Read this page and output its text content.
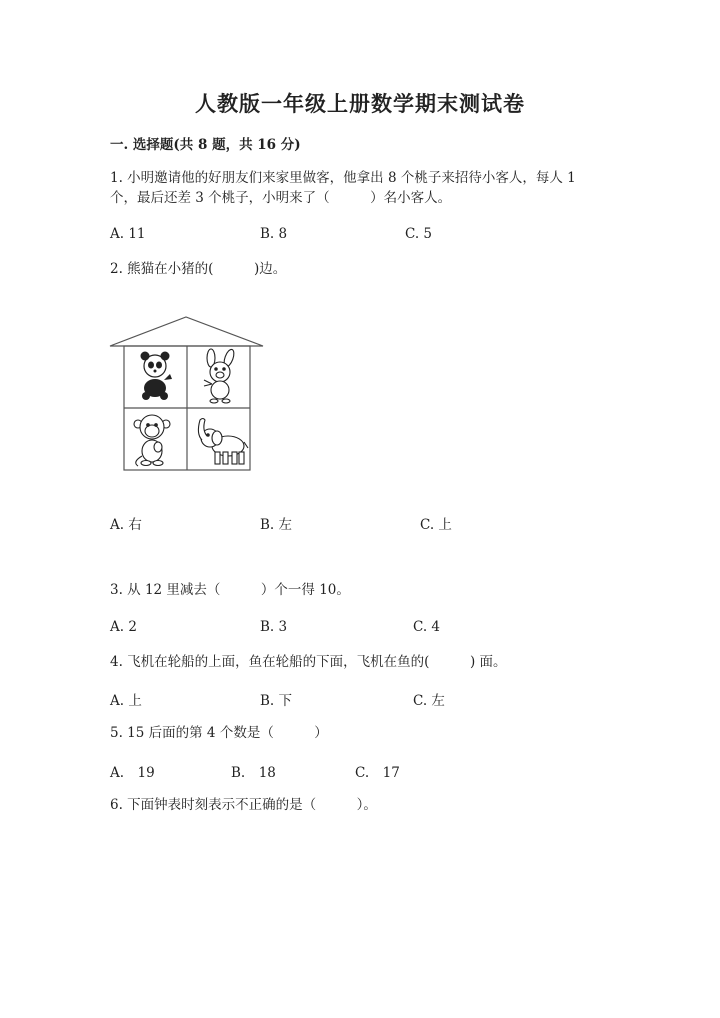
人教版一年级上册数学期末测试卷

一. 选择题(共 8 题，共 16 分)

1. 小明邀请他的好朋友们来家里做客，他拿出 8 个桃子来招待小客人，每人 1

个，最后还差 3 个桃子，小明来了（　　　）名小客人。

A. 11	B. 8	C. 5

2. 熊猫在小猪的(　　　)边。

A. 右	B. 左	C. 上

3. 从 12 里减去（　　　）个一得 10。

A. 2	B. 3	C. 4

4. 飞机在轮船的上面，鱼在轮船的下面，飞机在鱼的(　　　) 面。

A. 上	B. 下	C. 左

5. 15 后面的第 4 个数是（　　　）

A.　19	B.　18	C.　17

6. 下面钟表时刻表示不正确的是（　　　）。
